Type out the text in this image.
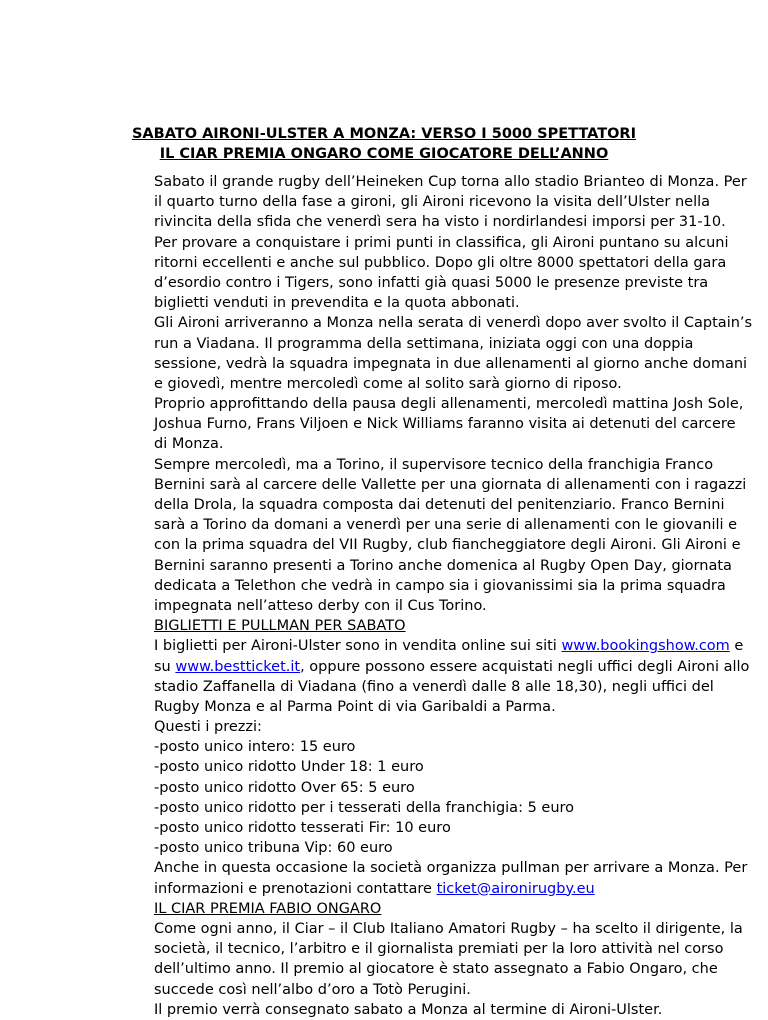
SABATO AIRONI-ULSTER A MONZA: VERSO I 5000 SPETTATORI
IL CIAR PREMIA ONGARO COME GIOCATORE DELL’ANNO
Sabato il grande rugby dell’Heineken Cup torna allo stadio Brianteo di Monza. Per
il quarto turno della fase a gironi, gli Aironi ricevono la visita dell’Ulster nella
rivincita della sfida che venerdì sera ha visto i nordirlandesi imporsi per 31-10.
Per provare a conquistare i primi punti in classifica, gli Aironi puntano su alcuni
ritorni eccellenti e anche sul pubblico. Dopo gli oltre 8000 spettatori della gara
d’esordio contro i Tigers, sono infatti già quasi 5000 le presenze previste tra
biglietti venduti in prevendita e la quota abbonati.
Gli Aironi arriveranno a Monza nella serata di venerdì dopo aver svolto il Captain’s
run a Viadana. Il programma della settimana, iniziata oggi con una doppia
sessione, vedrà la squadra impegnata in due allenamenti al giorno anche domani
e giovedì, mentre mercoledì come al solito sarà giorno di riposo.
Proprio approfittando della pausa degli allenamenti, mercoledì mattina Josh Sole,
Joshua Furno, Frans Viljoen e Nick Williams faranno visita ai detenuti del carcere
di Monza.
Sempre mercoledì, ma a Torino, il supervisore tecnico della franchigia Franco
Bernini sarà al carcere delle Vallette per una giornata di allenamenti con i ragazzi
della Drola, la squadra composta dai detenuti del penitenziario. Franco Bernini
sarà a Torino da domani a venerdì per una serie di allenamenti con le giovanili e
con la prima squadra del VII Rugby, club fiancheggiatore degli Aironi. Gli Aironi e
Bernini saranno presenti a Torino anche domenica al Rugby Open Day, giornata
dedicata a Telethon che vedrà in campo sia i giovanissimi sia la prima squadra
impegnata nell’atteso derby con il Cus Torino.
BIGLIETTI E PULLMAN PER SABATO
I biglietti per Aironi-Ulster sono in vendita online sui siti www.bookingshow.com e
su www.bestticket.it, oppure possono essere acquistati negli uffici degli Aironi allo
stadio Zaffanella di Viadana (fino a venerdì dalle 8 alle 18,30), negli uffici del
Rugby Monza e al Parma Point di via Garibaldi a Parma.
Questi i prezzi:
-posto unico intero: 15 euro
-posto unico ridotto Under 18: 1 euro
-posto unico ridotto Over 65: 5 euro
-posto unico ridotto per i tesserati della franchigia: 5 euro
-posto unico ridotto tesserati Fir: 10 euro
-posto unico tribuna Vip: 60 euro
Anche in questa occasione la società organizza pullman per arrivare a Monza. Per
informazioni e prenotazioni contattare ticket@aironirugby.eu
IL CIAR PREMIA FABIO ONGARO
Come ogni anno, il Ciar – il Club Italiano Amatori Rugby – ha scelto il dirigente, la
società, il tecnico, l’arbitro e il giornalista premiati per la loro attività nel corso
dell’ultimo anno. Il premio al giocatore è stato assegnato a Fabio Ongaro, che
succede così nell’albo d’oro a Totò Perugini.
Il premio verrà consegnato sabato a Monza al termine di Aironi-Ulster.
